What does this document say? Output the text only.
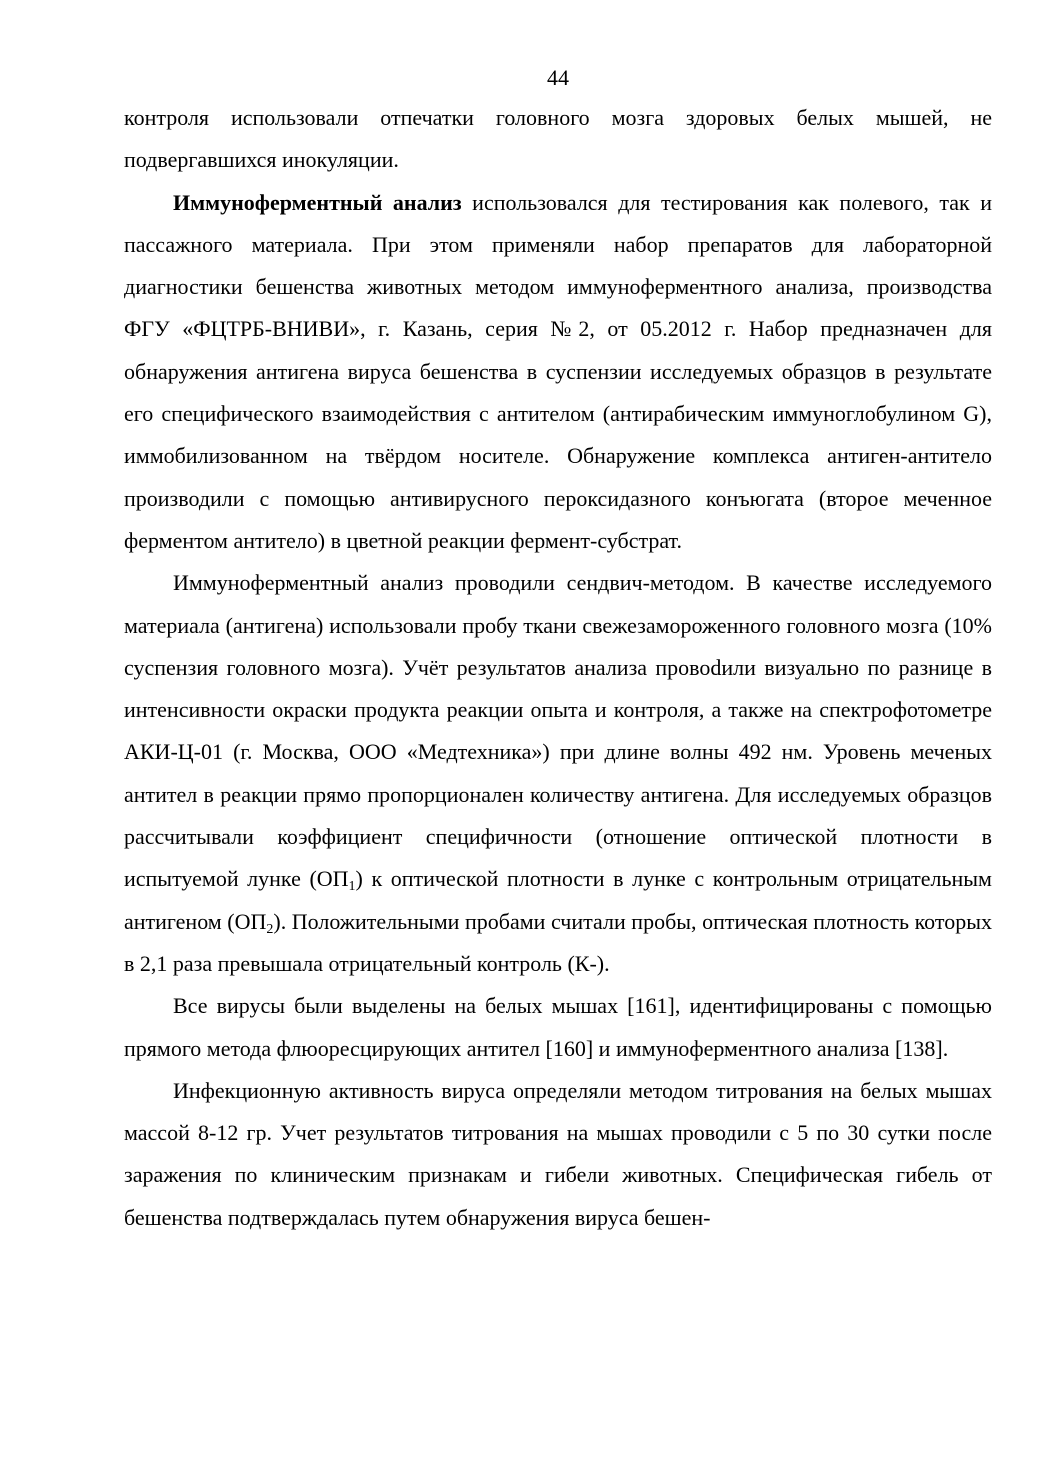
44

контроля использовали отпечатки головного мозга здоровых белых мышей, не подвергавшихся инокуляции.

Иммуноферментный анализ использовался для тестирования как полевого, так и пассажного материала. При этом применяли набор препаратов для лабораторной диагностики бешенства животных методом иммуноферментного анализа, производства ФГУ «ФЦТРБ-ВНИВИ», г. Казань, серия №2, от 05.2012 г. Набор предназначен для обнаружения антигена вируса бешенства в суспензии исследуемых образцов в результате его специфического взаимодействия с антителом (антирабическим иммуноглобулином G), иммобилизованном на твёрдом носителе. Обнаружение комплекса антиген-антитело производили с помощью антивирусного пероксидазного конъюгата (второе меченное ферментом антитело) в цветной реакции фермент-субстрат.

Иммуноферментный анализ проводили сендвич-методом. В качестве исследуемого материала (антигена) использовали пробу ткани свежезамороженного головного мозга (10% суспензия головного мозга). Учёт результатов анализа провоdили визуально по разнице в интенсивности окраски продукта реакции опыта и контроля, а также на спектрофотометре АКИ-Ц-01 (г. Москва, ООО «Медтехника») при длине волны 492 нм. Уровень меченых антител в реакции прямо пропорционален количеству антигена. Для исследуемых образцов рассчитывали коэффициент специфичности (отношение оптической плотности в испытуемой лунке $(ОП_1)$ к оптической плотности в лунке с контрольным отрицательным антигеном $(ОП_2)$. Положительными пробами считали пробы, оптическая плотность которых в 2,1 раза превышала отрицательный контроль (К-).

Все вирусы были выделены на белых мышах [161], идентифицированы с помощью прямого метода флюоресцирующих антител [160] и иммуноферментного анализа [138].

Инфекционную активность вируса определяли методом титрования на белых мышах массой 8-12 гр. Учет результатов титрования на мышах проводили с 5 по 30 сутки после заражения по клиническим признакам и гибели животных. Специфическая гибель от бешенства подтверждалась путем обнаружения вируса бешен-
